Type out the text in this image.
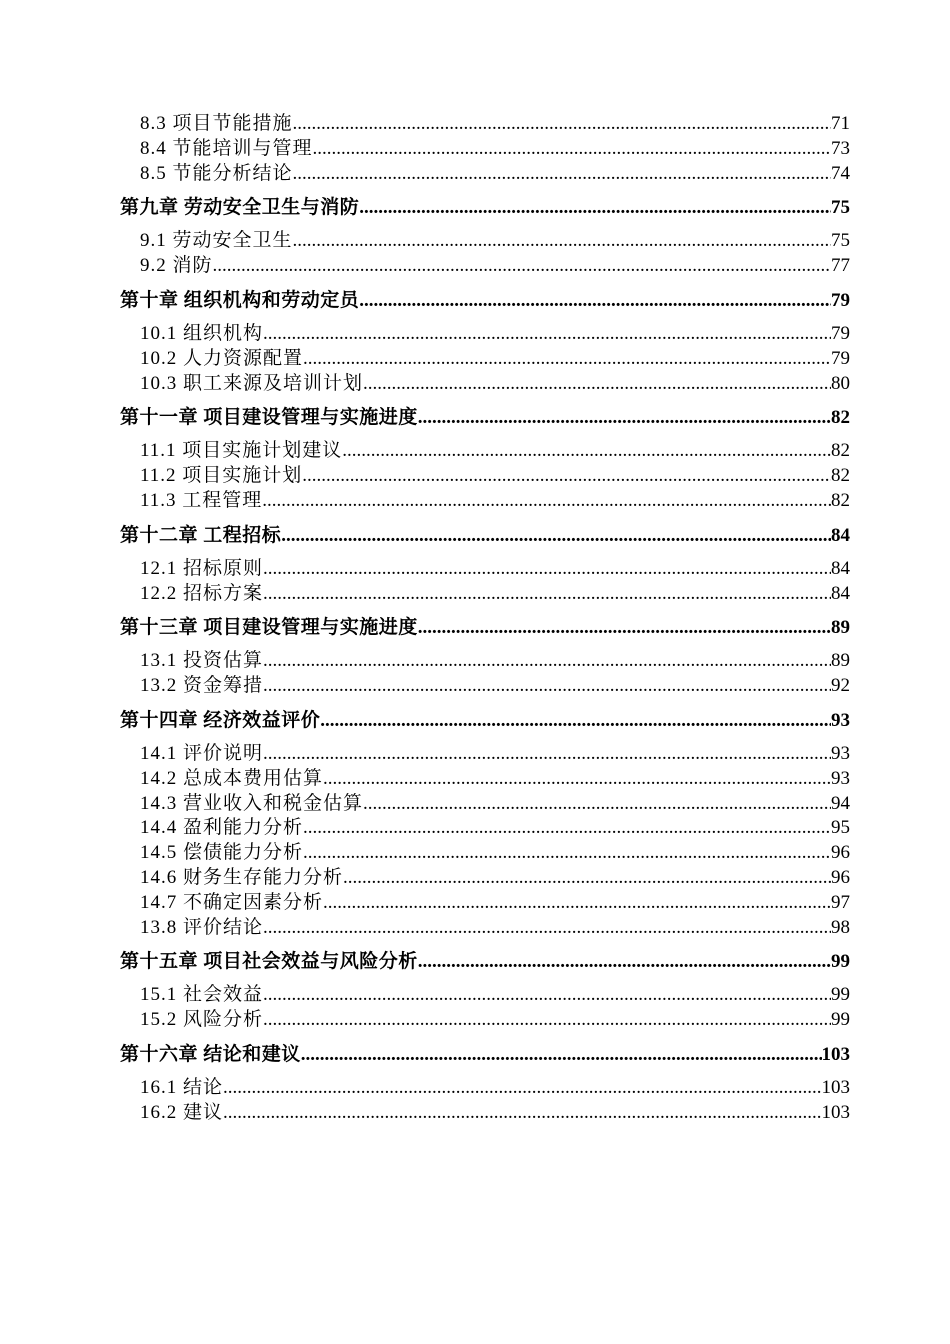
8.3 项目节能措施 .....	71
8.4 节能培训与管理 .....	73
8.5 节能分析结论 .....	74
第九章 劳动安全卫生与消防 .....	75
9.1 劳动安全卫生 .....	75
9.2 消防 .....	77
第十章 组织机构和劳动定员 .....	79
10.1 组织机构 .....	79
10.2 人力资源配置 .....	79
10.3 职工来源及培训计划 .....	80
第十一章 项目建设管理与实施进度 .....	82
11.1 项目实施计划建议 .....	82
11.2 项目实施计划 .....	82
11.3 工程管理 .....	82
第十二章 工程招标 .....	84
12.1 招标原则 .....	84
12.2 招标方案 .....	84
第十三章 项目建设管理与实施进度 .....	89
13.1 投资估算 .....	89
13.2 资金筹措 .....	92
第十四章 经济效益评价 .....	93
14.1 评价说明 .....	93
14.2 总成本费用估算 .....	93
14.3 营业收入和税金估算 .....	94
14.4 盈利能力分析 .....	95
14.5 偿债能力分析 .....	96
14.6 财务生存能力分析 .....	96
14.7 不确定因素分析 .....	97
13.8 评价结论 .....	98
第十五章 项目社会效益与风险分析 .....	99
15.1 社会效益 .....	99
15.2 风险分析 .....	99
第十六章 结论和建议 .....	103
16.1 结论 .....	103
16.2 建议 .....	103
